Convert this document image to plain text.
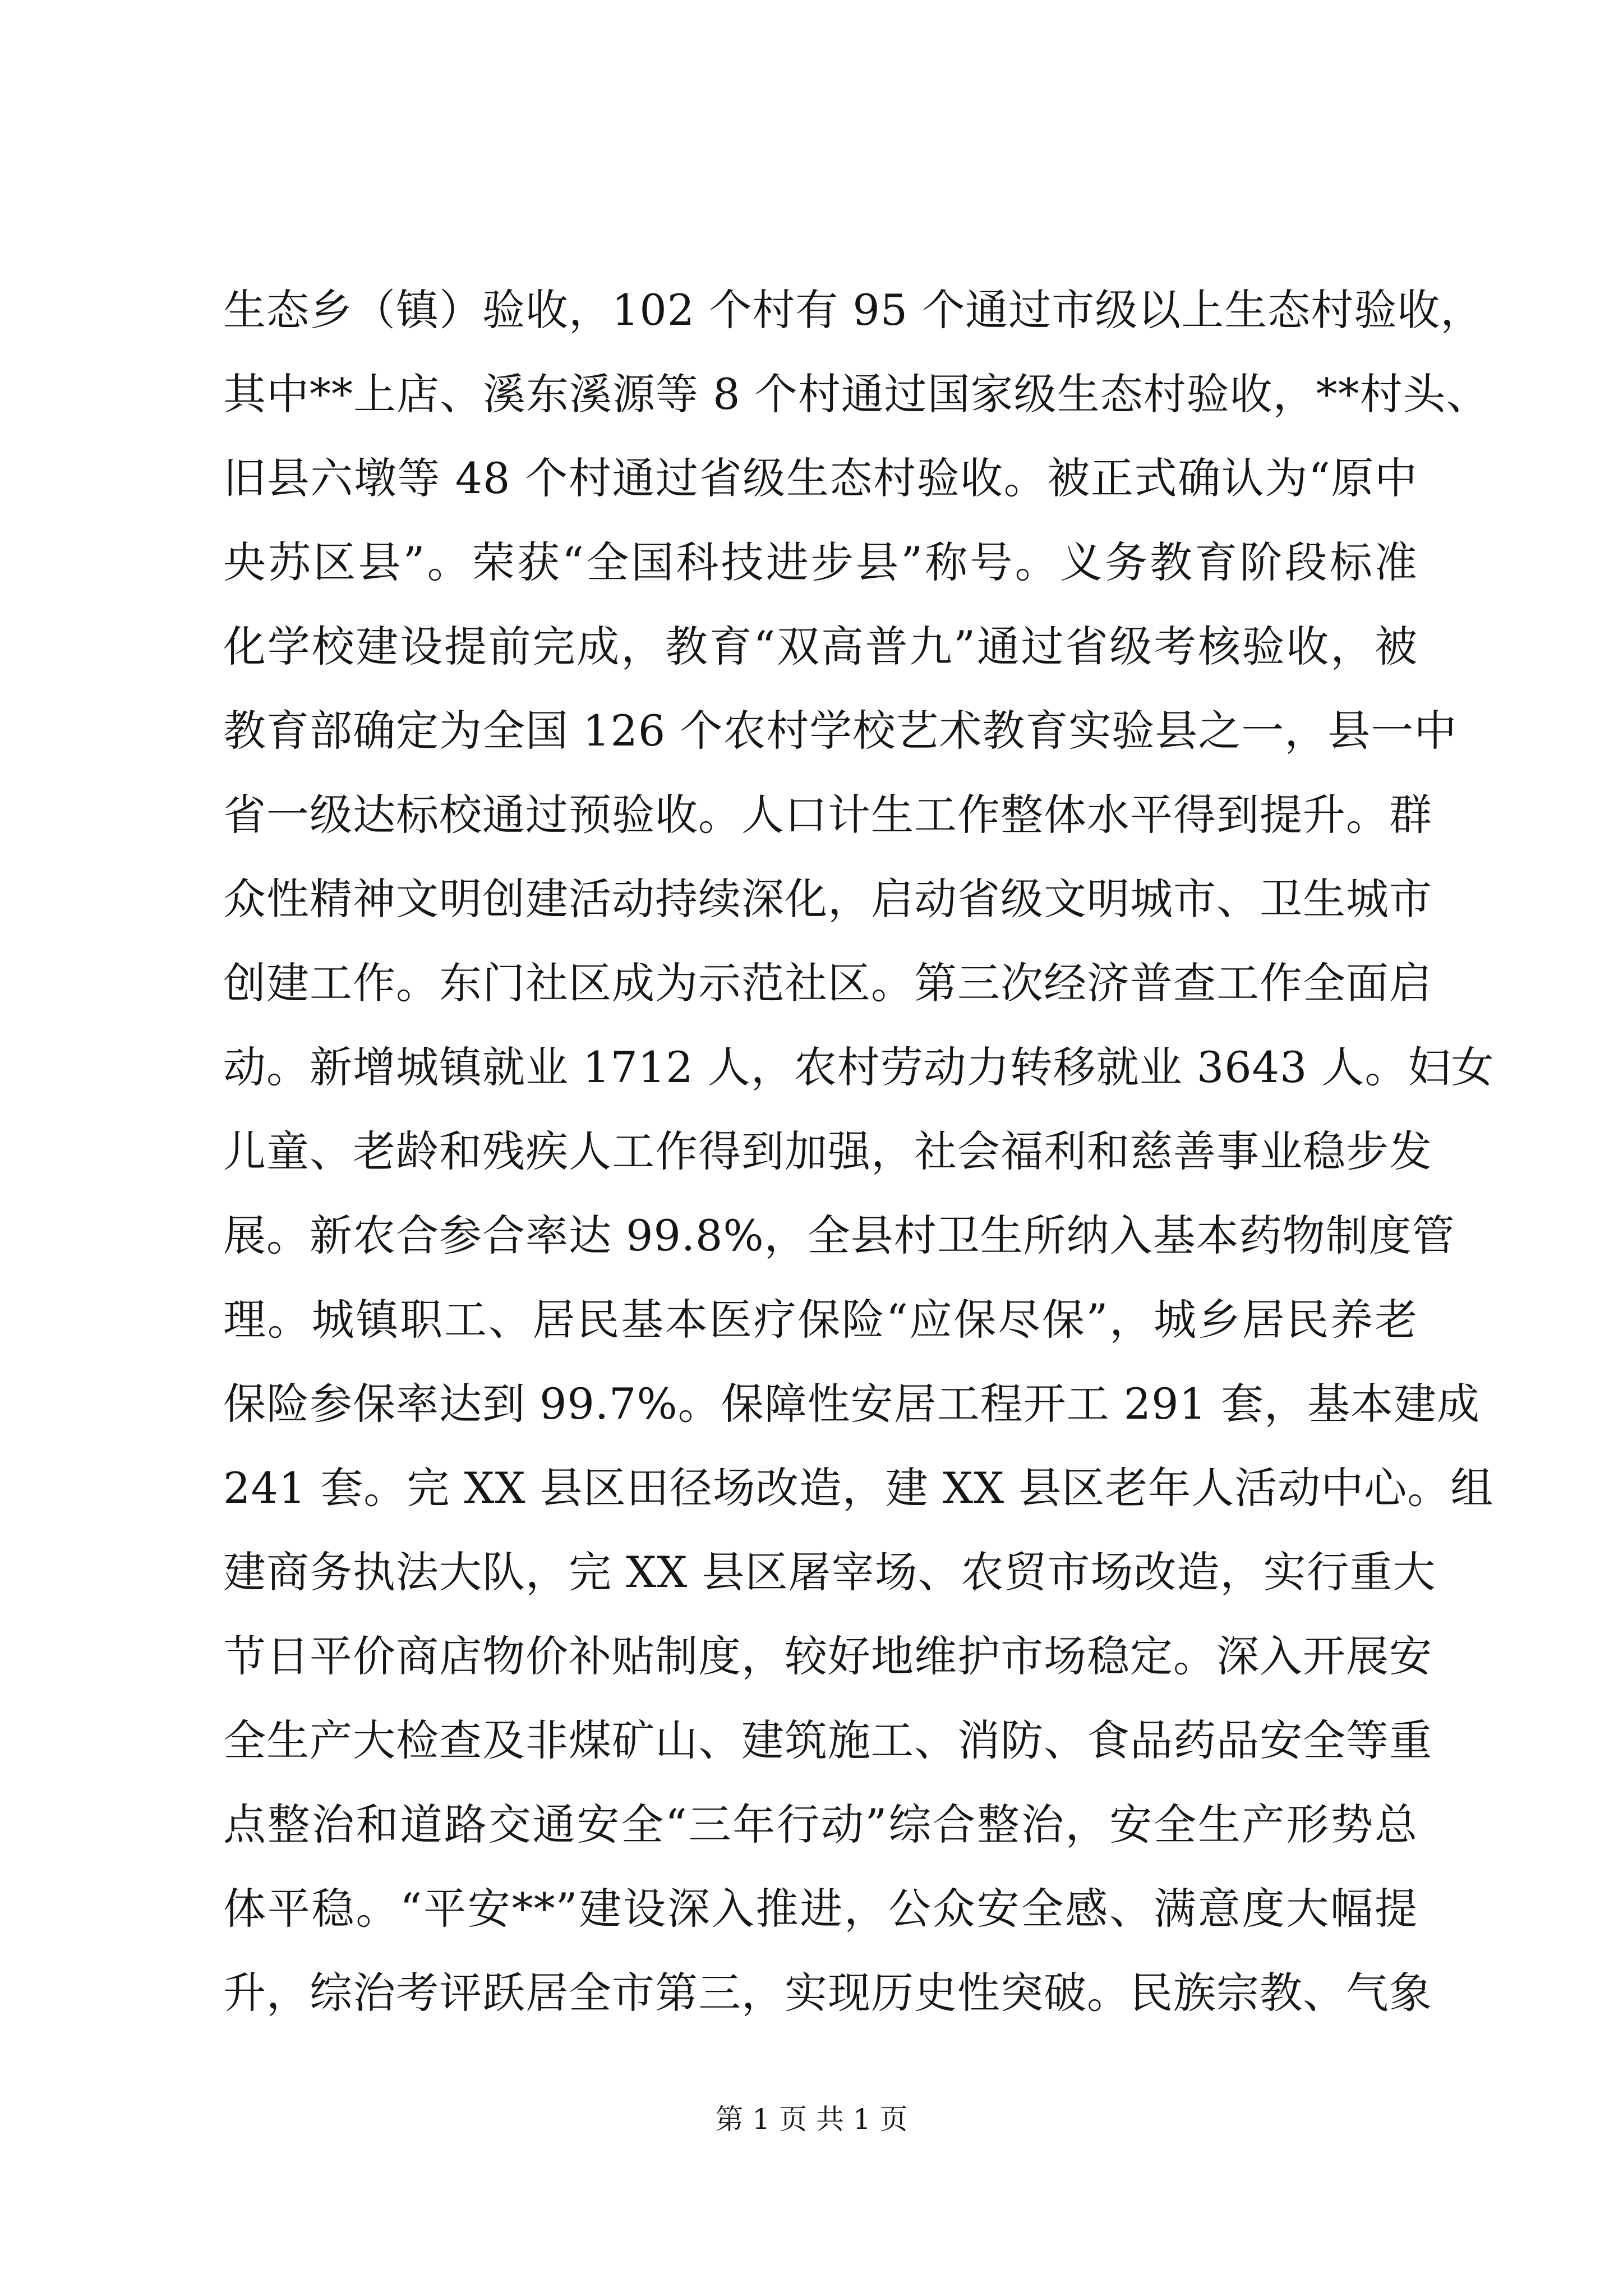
生态乡（镇）验收，102 个村有 95 个通过市级以上生态村验收，
其中**上店、溪东溪源等 8 个村通过国家级生态村验收，**村头、
旧县六墩等 48 个村通过省级生态村验收。被正式确认为“原中
央苏区县”。荣获“全国科技进步县”称号。义务教育阶段标准
化学校建设提前完成，教育“双高普九”通过省级考核验收，被
教育部确定为全国 126 个农村学校艺术教育实验县之一，县一中
省一级达标校通过预验收。人口计生工作整体水平得到提升。群
众性精神文明创建活动持续深化，启动省级文明城市、卫生城市
创建工作。东门社区成为示范社区。第三次经济普查工作全面启
动。新增城镇就业 1712 人，农村劳动力转移就业 3643 人。妇女
儿童、老龄和残疾人工作得到加强，社会福利和慈善事业稳步发
展。新农合参合率达 99.8%，全县村卫生所纳入基本药物制度管
理。城镇职工、居民基本医疗保险“应保尽保”，城乡居民养老
保险参保率达到 99.7%。保障性安居工程开工 291 套，基本建成
241 套。完 XX 县区田径场改造，建 XX 县区老年人活动中心。组
建商务执法大队，完 XX 县区屠宰场、农贸市场改造，实行重大
节日平价商店物价补贴制度，较好地维护市场稳定。深入开展安
全生产大检查及非煤矿山、建筑施工、消防、食品药品安全等重
点整治和道路交通安全“三年行动”综合整治，安全生产形势总
体平稳。“平安**”建设深入推进，公众安全感、满意度大幅提
升，综治考评跃居全市第三，实现历史性突破。民族宗教、气象
第 1 页 共 1 页
